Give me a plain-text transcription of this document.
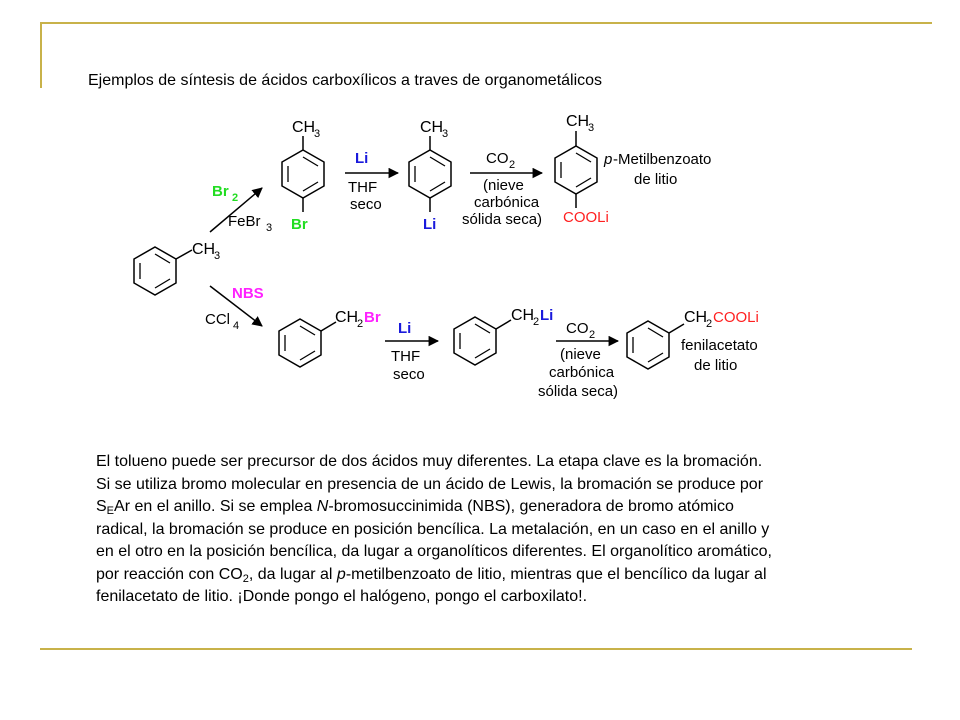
Ejemplos de síntesis de ácidos carboxílicos a traves de organometálicos
CH
3
Br 2
FeBr 3
CH
3
Br
Li
THF
seco
CH
3
Li
CO 2
(nieve
carbónica
sólida seca)
CH
3
COOLi
p -Metilbenzoato
de litio
NBS
CCl 4	CH
2 Br
Li
THF
seco
CH
2 Li
CO 2
(nieve
carbónica
sólida seca)
CH
2 COOLi
fenilacetato
de litio
El tolueno puede ser precursor de dos ácidos muy diferentes. La etapa clave es la bromación.
Si se utiliza bromo molecular en presencia de un ácido de Lewis, la bromación se produce por
$S_EAr$ en el anillo. Si se emplea N-bromosuccinimida (NBS), generadora de bromo atómico
radical, la bromación se produce en posición bencílica. La metalación, en un caso en el anillo y
en el otro en la posición bencílica, da lugar a organolíticos diferentes. El organolítico aromático,
por reacción con $CO_2$, da lugar al p-metilbenzoato de litio, mientras que el bencílico da lugar al
fenilacetato de litio. ¡Donde pongo el halógeno, pongo el carboxilato!.
